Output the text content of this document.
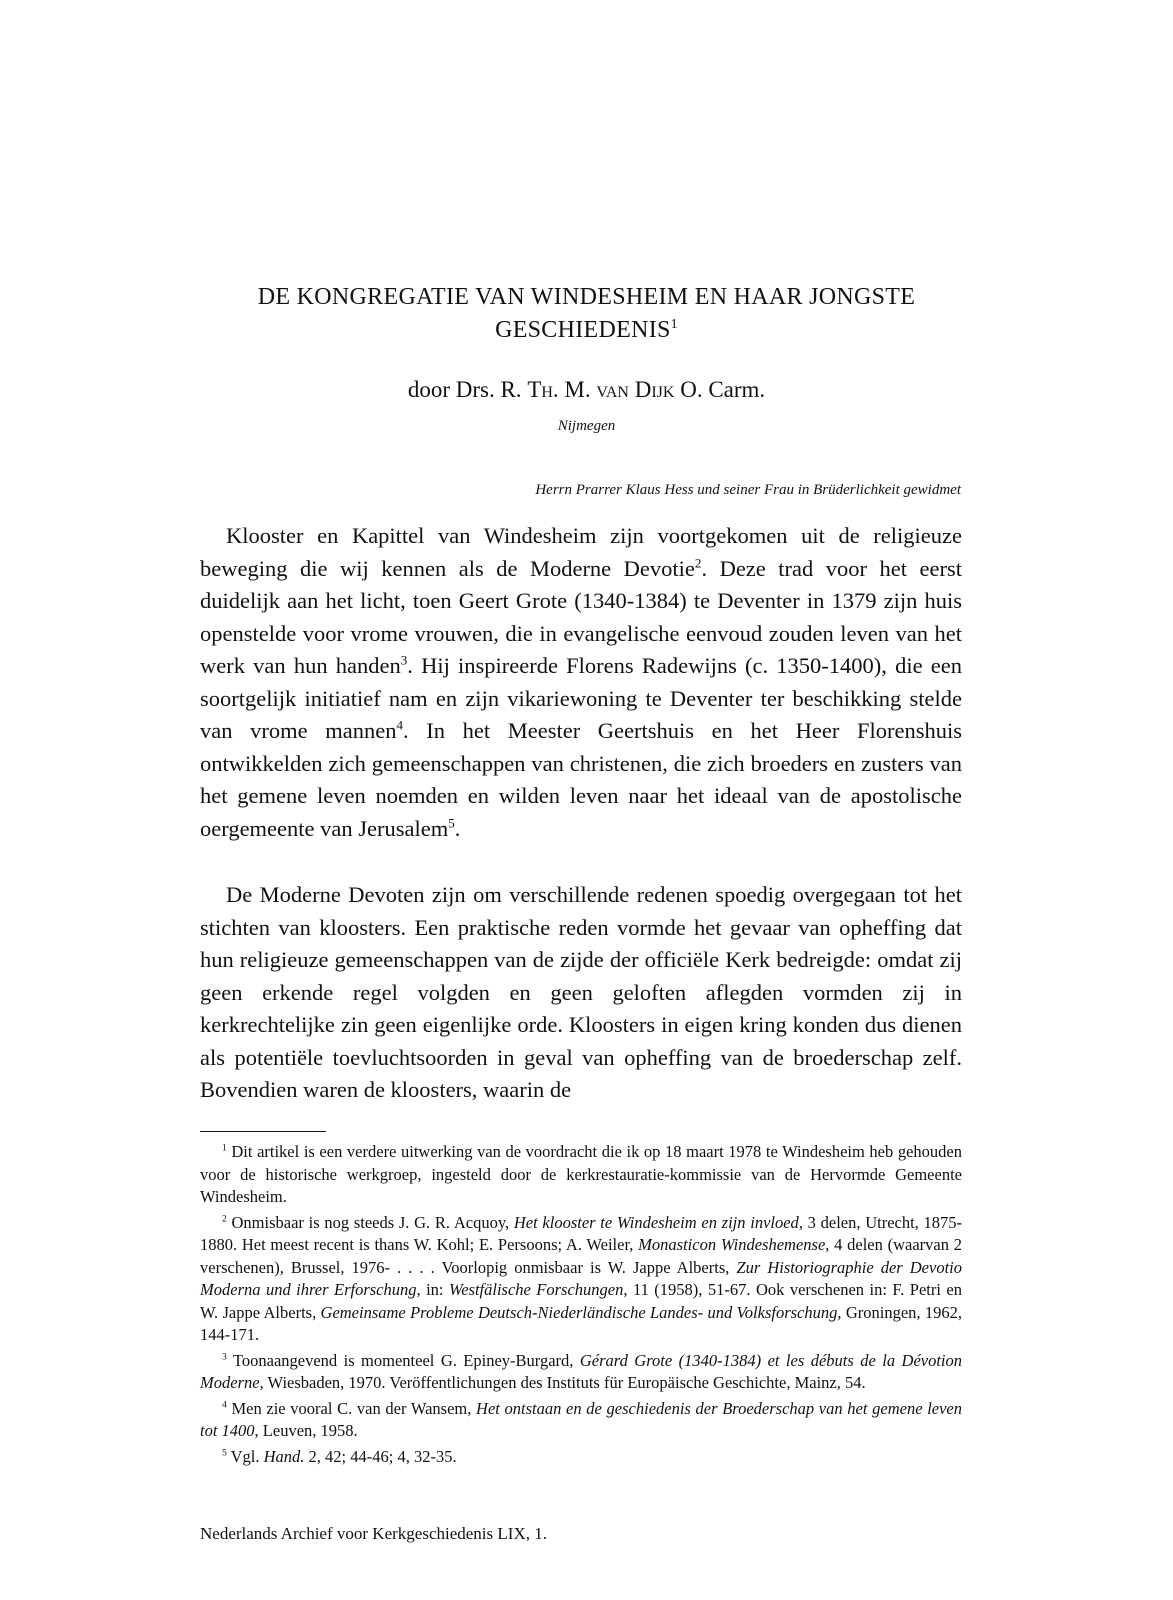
DE KONGREGATIE VAN WINDESHEIM EN HAAR JONGSTE
GESCHIEDENIS$^1$
door Drs. R. Th. M. van Dijk O. Carm.
Nijmegen
Herrn Prarrer Klaus Hess und seiner Frau in Brüderlichkeit gewidmet

Klooster en Kapittel van Windesheim zijn voortgekomen uit de religieuze beweging die wij kennen als de Moderne Devotie$^2$. Deze trad voor het eerst duidelijk aan het licht, toen Geert Grote (1340-1384) te Deventer in 1379 zijn huis openstelde voor vrome vrouwen, die in evangelische eenvoud zouden leven van het werk van hun handen$^3$. Hij inspireerde Florens Radewijns (c. 1350-1400), die een soortgelijk initiatief nam en zijn vikariewoning te Deventer ter beschikking stelde van vrome mannen$^4$. In het Meester Geertshuis en het Heer Florenshuis ontwikkelden zich gemeenschappen van christenen, die zich broeders en zusters van het gemene leven noemden en wilden leven naar het ideaal van de apostolische oergemeente van Jerusalem$^5$.

De Moderne Devoten zijn om verschillende redenen spoedig overgegaan tot het stichten van kloosters. Een praktische reden vormde het gevaar van opheffing dat hun religieuze gemeenschappen van de zijde der officiële Kerk bedreigde: omdat zij geen erkende regel volgden en geen geloften aflegden vormden zij in kerkrechtelijke zin geen eigenlijke orde. Kloosters in eigen kring konden dus dienen als potentiële toevluchtsoorden in geval van opheffing van de broederschap zelf. Bovendien waren de kloosters, waarin de

$^1$ Dit artikel is een verdere uitwerking van de voordracht die ik op 18 maart 1978 te Windesheim heb gehouden voor de historische werkgroep, ingesteld door de kerkrestauratie-kommissie van de Hervormde Gemeente Windesheim.

$^2$ Onmisbaar is nog steeds J. G. R. Acquoy, Het klooster te Windesheim en zijn invloed, 3 delen, Utrecht, 1875-1880. Het meest recent is thans W. Kohl; E. Persoons; A. Weiler, Monasticon Windeshemense, 4 delen (waarvan 2 verschenen), Brussel, 1976- . . . . Voorlopig onmisbaar is W. Jappe Alberts, Zur Historiographie der Devotio Moderna und ihrer Erforschung, in: Westfälische Forschungen, 11 (1958), 51-67. Ook verschenen in: F. Petri en W. Jappe Alberts, Gemeinsame Probleme Deutsch-Niederländische Landes- und Volksforschung, Groningen, 1962, 144-171.

$^3$ Toonaangevend is momenteel G. Epiney-Burgard, Gérard Grote (1340-1384) et les débuts de la Dévotion Moderne, Wiesbaden, 1970. Veröffentlichungen des Instituts für Europäische Geschichte, Mainz, 54.

$^4$ Men zie vooral C. van der Wansem, Het ontstaan en de geschiedenis der Broederschap van het gemene leven tot 1400, Leuven, 1958.

$^5$ Vgl. Hand. 2, 42; 44-46; 4, 32-35.

Nederlands Archief voor Kerkgeschiedenis LIX, 1.
